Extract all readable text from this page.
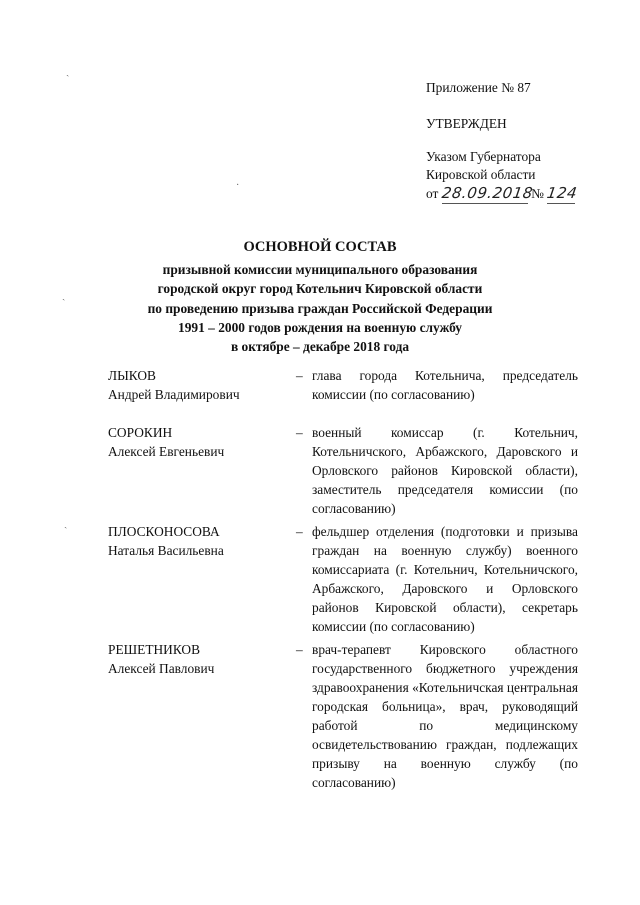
Приложение № 87
УТВЕРЖДЕН
Указом Губернатора
Кировской области
от 28.09.2018 № 124
ОСНОВНОЙ СОСТАВ
призывной комиссии муниципального образования
городской округ город Котельнич Кировской области
по проведению призыва граждан Российской Федерации
1991 – 2000 годов рождения на военную службу
в октябре – декабре 2018 года
ЛЫКОВ
Андрей Владимирович
– глава города Котельнича, председатель комиссии (по согласованию)
СОРОКИН
Алексей Евгеньевич
– военный комиссар (г. Котельнич, Котельничского, Арбажского, Даровского и Орловского районов Кировской области), заместитель председателя комиссии (по согласованию)
ПЛОСКОНОСОВА
Наталья Васильевна
– фельдшер отделения (подготовки и призыва граждан на военную службу) военного комиссариата (г. Котельнич, Котельничского, Арбажского, Даровского и Орловского районов Кировской области), секретарь комиссии (по согласованию)
РЕШЕТНИКОВ
Алексей Павлович
– врач-терапевт Кировского областного государственного бюджетного учреждения здравоохранения «Котельничская центральная городская больница», врач, руководящий работой по медицинскому освидетельствованию граждан, подлежащих призыву на военную службу (по согласованию)
ˏ
ˏ
ˏ
·
